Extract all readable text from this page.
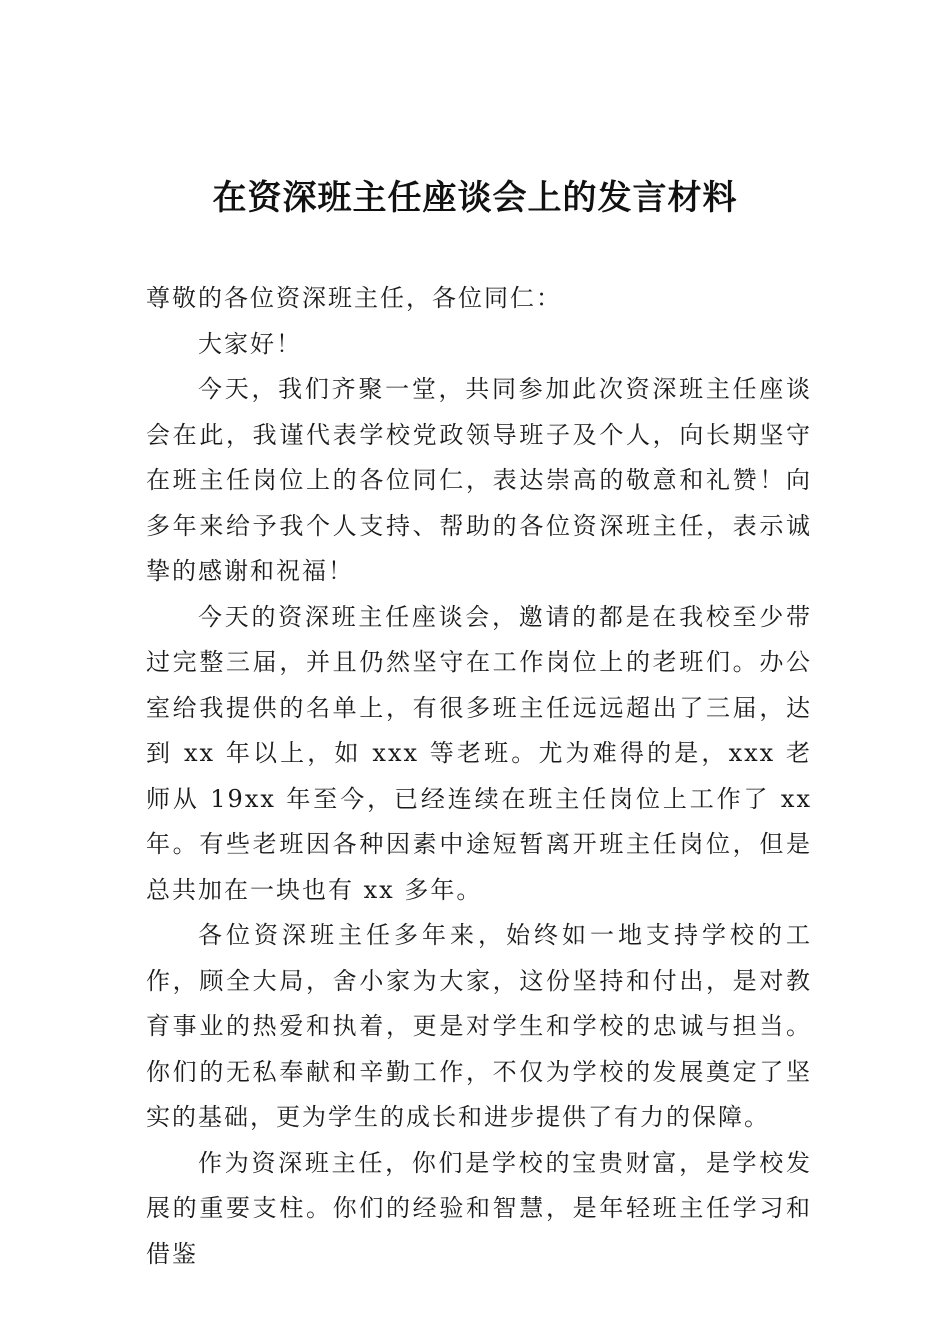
在资深班主任座谈会上的发言材料

尊敬的各位资深班主任，各位同仁：

大家好！

今天，我们齐聚一堂，共同参加此次资深班主任座谈会在此，我谨代表学校党政领导班子及个人，向长期坚守在班主任岗位上的各位同仁，表达崇高的敬意和礼赞！向多年来给予我个人支持、帮助的各位资深班主任，表示诚挚的感谢和祝福！

今天的资深班主任座谈会，邀请的都是在我校至少带过完整三届，并且仍然坚守在工作岗位上的老班们。办公室给我提供的名单上，有很多班主任远远超出了三届，达到 xx 年以上，如 xxx 等老班。尤为难得的是，xxx 老师从 19xx 年至今，已经连续在班主任岗位上工作了 xx 年。有些老班因各种因素中途短暂离开班主任岗位，但是总共加在一块也有 xx 多年。

各位资深班主任多年来，始终如一地支持学校的工作，顾全大局，舍小家为大家，这份坚持和付出，是对教育事业的热爱和执着，更是对学生和学校的忠诚与担当。你们的无私奉献和辛勤工作，不仅为学校的发展奠定了坚实的基础，更为学生的成长和进步提供了有力的保障。

作为资深班主任，你们是学校的宝贵财富，是学校发展的重要支柱。你们的经验和智慧，是年轻班主任学习和借鉴
